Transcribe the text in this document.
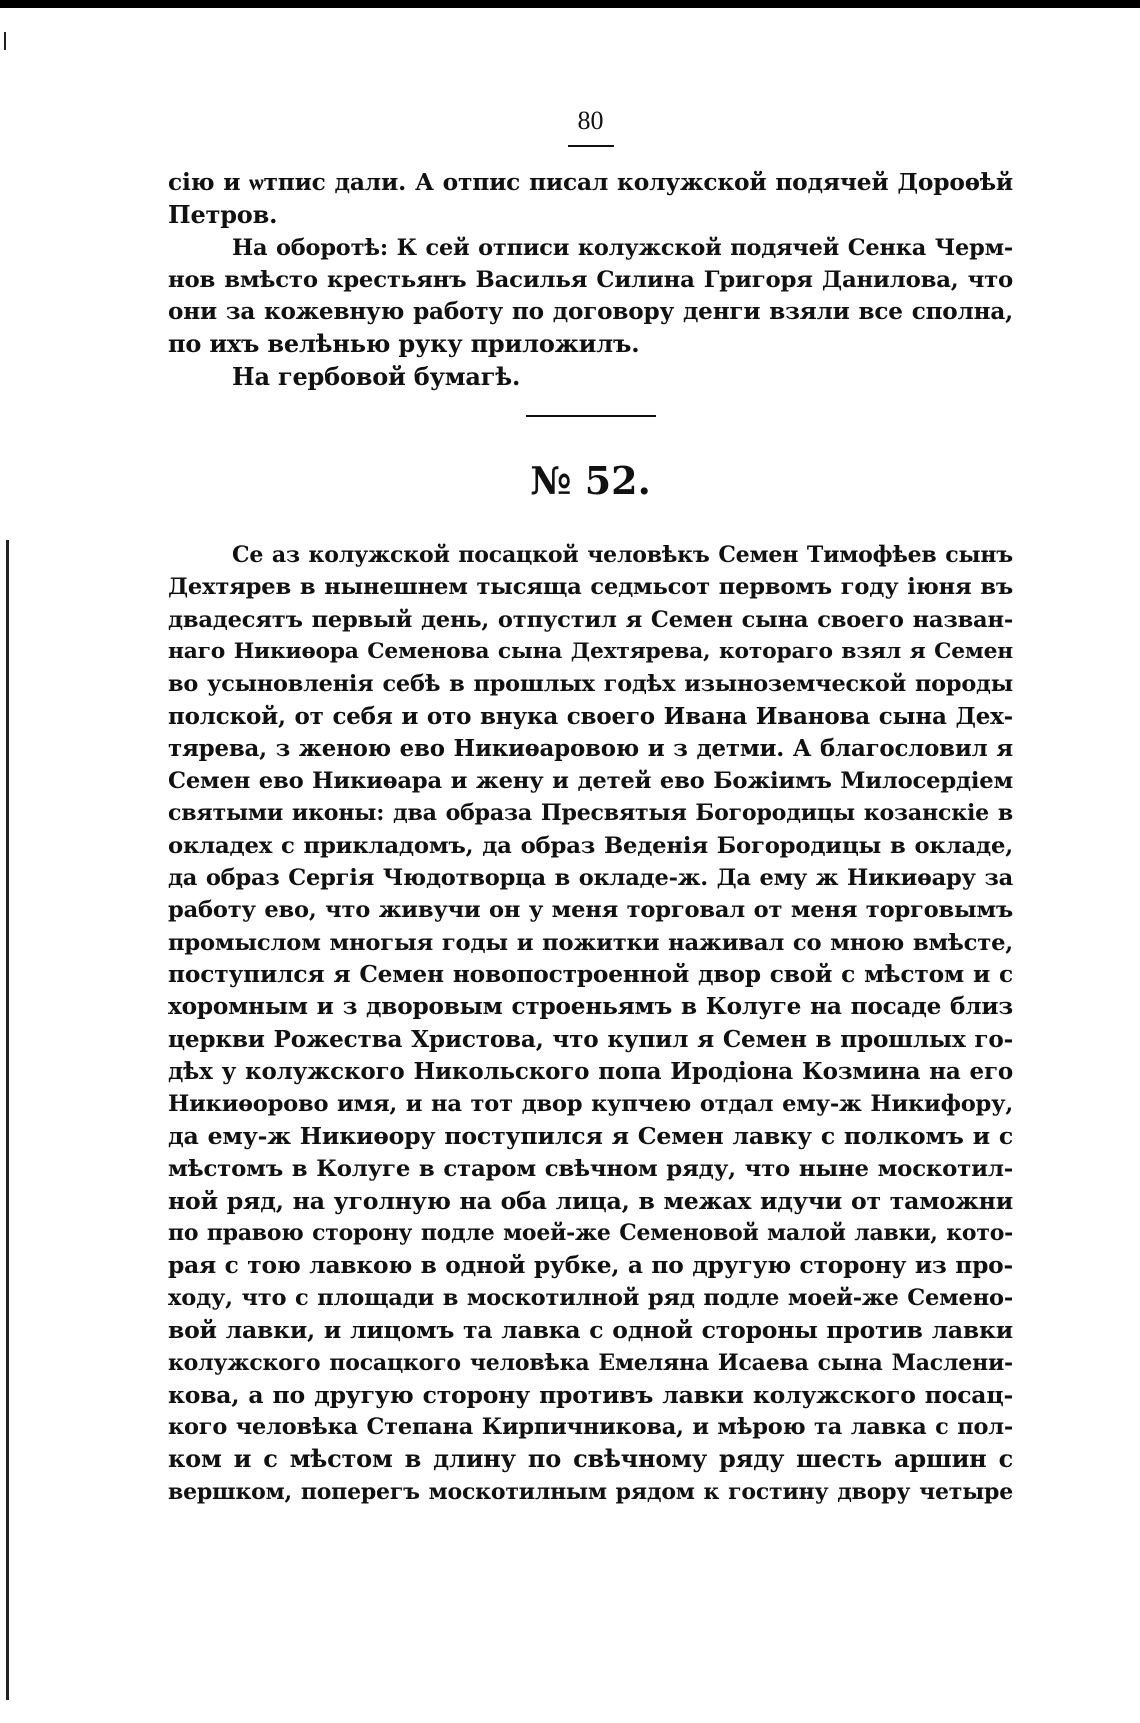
80
сiю и ѡтпис дали. А отпис писал колужской подячей Дороѳѣй
Петров.
На оборотѣ: К сей отписи колужской подячей Сенка Черм-
нов вмѣсто крестьянъ Василья Силина Григоря Данилова, что
они за кожевную работу по договору денги взяли все сполна,
по ихъ велѣнью руку приложилъ.
На гербовой бумагѣ.
№ 52.
Се аз колужской посацкой человѣкъ Семен Тимофѣев сынъ
Дехтярев в нынешнем тысяща седмьсот первомъ году iюня въ
двадесятъ первый день, отпустил я Семен сына своего назван-
наго Никиѳора Семенова сына Дехтярева, котораго взял я Семен
во усыновленiя себѣ в прошлых годѣх изыноземческой породы
полской, от себя и ото внука своего Ивана Иванова сына Дех-
тярева, з женою ево Никиѳаровою и з детми. А благословил я
Семен ево Никиѳара и жену и детей ево Божiимъ Милосердiем
святыми иконы: два образа Пресвятыя Богородицы козанскiе в
окладех с прикладомъ, да образ Веденiя Богородицы в окладе,
да образ Сергiя Чюдотворца в окладе-ж. Да ему ж Никиѳару за
работу ево, что живучи он у меня торговал от меня торговымъ
промыслом многыя годы и пожитки наживал со мною вмѣсте,
поступился я Семен новопостроенной двор свой с мѣстом и с
хоромным и з дворовым строеньямъ в Колуге на посаде близ
церкви Рожества Христова, что купил я Семен в прошлых го-
дѣх у колужского Никольского попа Иродiона Козмина на его
Никиѳорово имя, и на тот двор купчею отдал ему-ж Никифору,
да ему-ж Никиѳору поступился я Семен лавку с полкомъ и с
мѣстомъ в Колуге в старом свѣчном ряду, что ныне москотил-
ной ряд, на уголную на оба лица, в межах идучи от таможни
по правою сторону подле моей-же Семеновой малой лавки, кото-
рая с тою лавкою в одной рубке, а по другую сторону из про-
ходу, что с площади в москотилной ряд подле моей-же Семено-
вой лавки, и лицомъ та лавка с одной стороны против лавки
колужского посацкого человѣка Емеляна Исаева сына Маслени-
кова, а по другую сторону противъ лавки колужского посац-
кого человѣка Степана Кирпичникова, и мѣрою та лавка с пол-
ком и с мѣстом в длину по свѣчному ряду шесть аршин с
вершком, поперегъ москотилным рядом к гостину двору четыре
